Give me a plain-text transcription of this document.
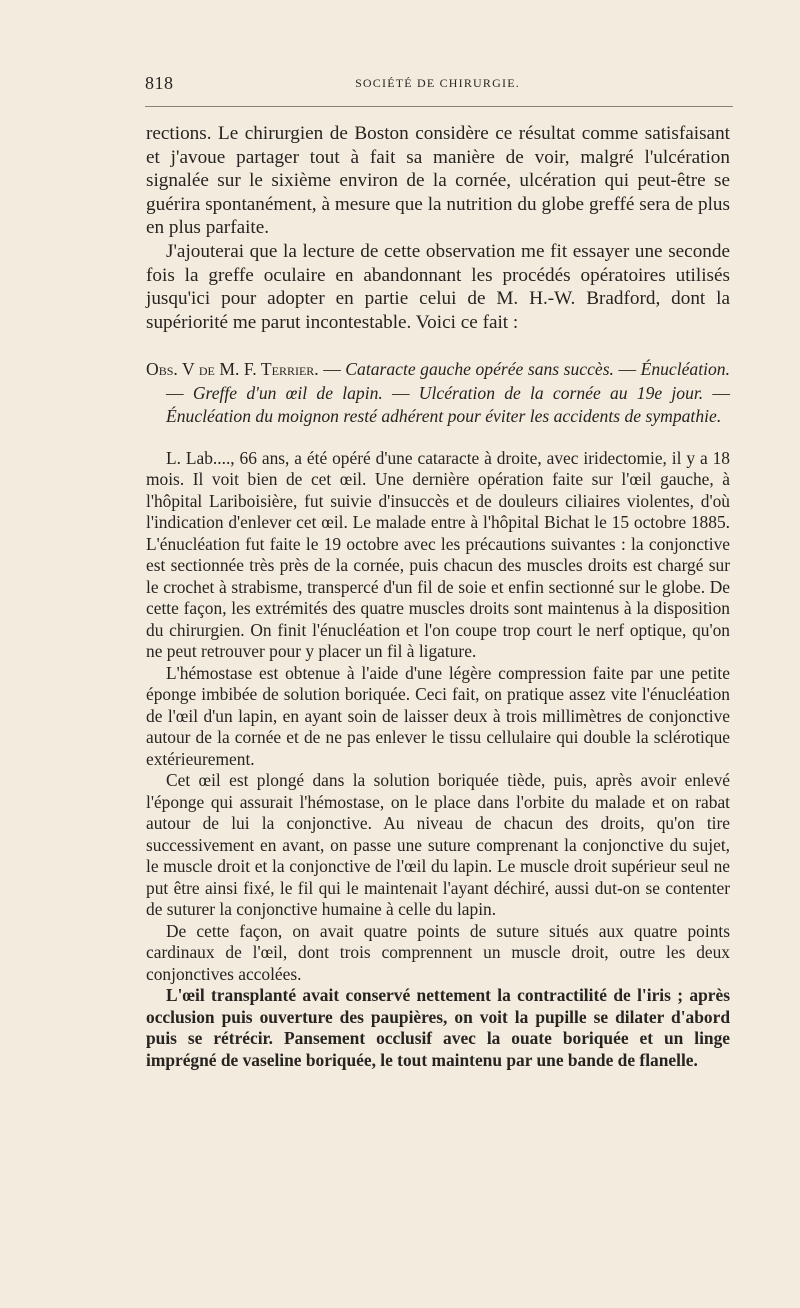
818	SOCIÉTÉ DE CHIRURGIE.

rections. Le chirurgien de Boston considère ce résultat comme satisfaisant et j'avoue partager tout à fait sa manière de voir, malgré l'ulcération signalée sur le sixième environ de la cornée, ulcération qui peut-être se guérira spontanément, à mesure que la nutrition du globe greffé sera de plus en plus parfaite.

J'ajouterai que la lecture de cette observation me fit essayer une seconde fois la greffe oculaire en abandonnant les procédés opératoires utilisés jusqu'ici pour adopter en partie celui de M. H.-W. Bradford, dont la supériorité me parut incontestable. Voici ce fait :

Obs. V de M. F. Terrier. — Cataracte gauche opérée sans succès. — Énucléation. — Greffe d'un œil de lapin. — Ulcération de la cornée au 19e jour. — Énucléation du moignon resté adhérent pour éviter les accidents de sympathie.

L. Lab...., 66 ans, a été opéré d'une cataracte à droite, avec iridectomie, il y a 18 mois. Il voit bien de cet œil. Une dernière opération faite sur l'œil gauche, à l'hôpital Lariboisière, fut suivie d'insuccès et de douleurs ciliaires violentes, d'où l'indication d'enlever cet œil. Le malade entre à l'hôpital Bichat le 15 octobre 1885. L'énucléation fut faite le 19 octobre avec les précautions suivantes : la conjonctive est sectionnée très près de la cornée, puis chacun des muscles droits est chargé sur le crochet à strabisme, transpercé d'un fil de soie et enfin sectionné sur le globe. De cette façon, les extrémités des quatre muscles droits sont maintenus à la disposition du chirurgien. On finit l'énucléation et l'on coupe trop court le nerf optique, qu'on ne peut retrouver pour y placer un fil à ligature.

L'hémostase est obtenue à l'aide d'une légère compression faite par une petite éponge imbibée de solution boriquée. Ceci fait, on pratique assez vite l'énucléation de l'œil d'un lapin, en ayant soin de laisser deux à trois millimètres de conjonctive autour de la cornée et de ne pas enlever le tissu cellulaire qui double la sclérotique extérieurement.

Cet œil est plongé dans la solution boriquée tiède, puis, après avoir enlevé l'éponge qui assurait l'hémostase, on le place dans l'orbite du malade et on rabat autour de lui la conjonctive. Au niveau de chacun des droits, qu'on tire successivement en avant, on passe une suture comprenant la conjonctive du sujet, le muscle droit et la conjonctive de l'œil du lapin. Le muscle droit supérieur seul ne put être ainsi fixé, le fil qui le maintenait l'ayant déchiré, aussi dut-on se contenter de suturer la conjonctive humaine à celle du lapin.

De cette façon, on avait quatre points de suture situés aux quatre points cardinaux de l'œil, dont trois comprennent un muscle droit, outre les deux conjonctives accolées.

L'œil transplanté avait conservé nettement la contractilité de l'iris ; après occlusion puis ouverture des paupières, on voit la pupille se dilater d'abord puis se rétrécir. Pansement occlusif avec la ouate boriquée et un linge imprégné de vaseline boriquée, le tout maintenu par une bande de flanelle.
